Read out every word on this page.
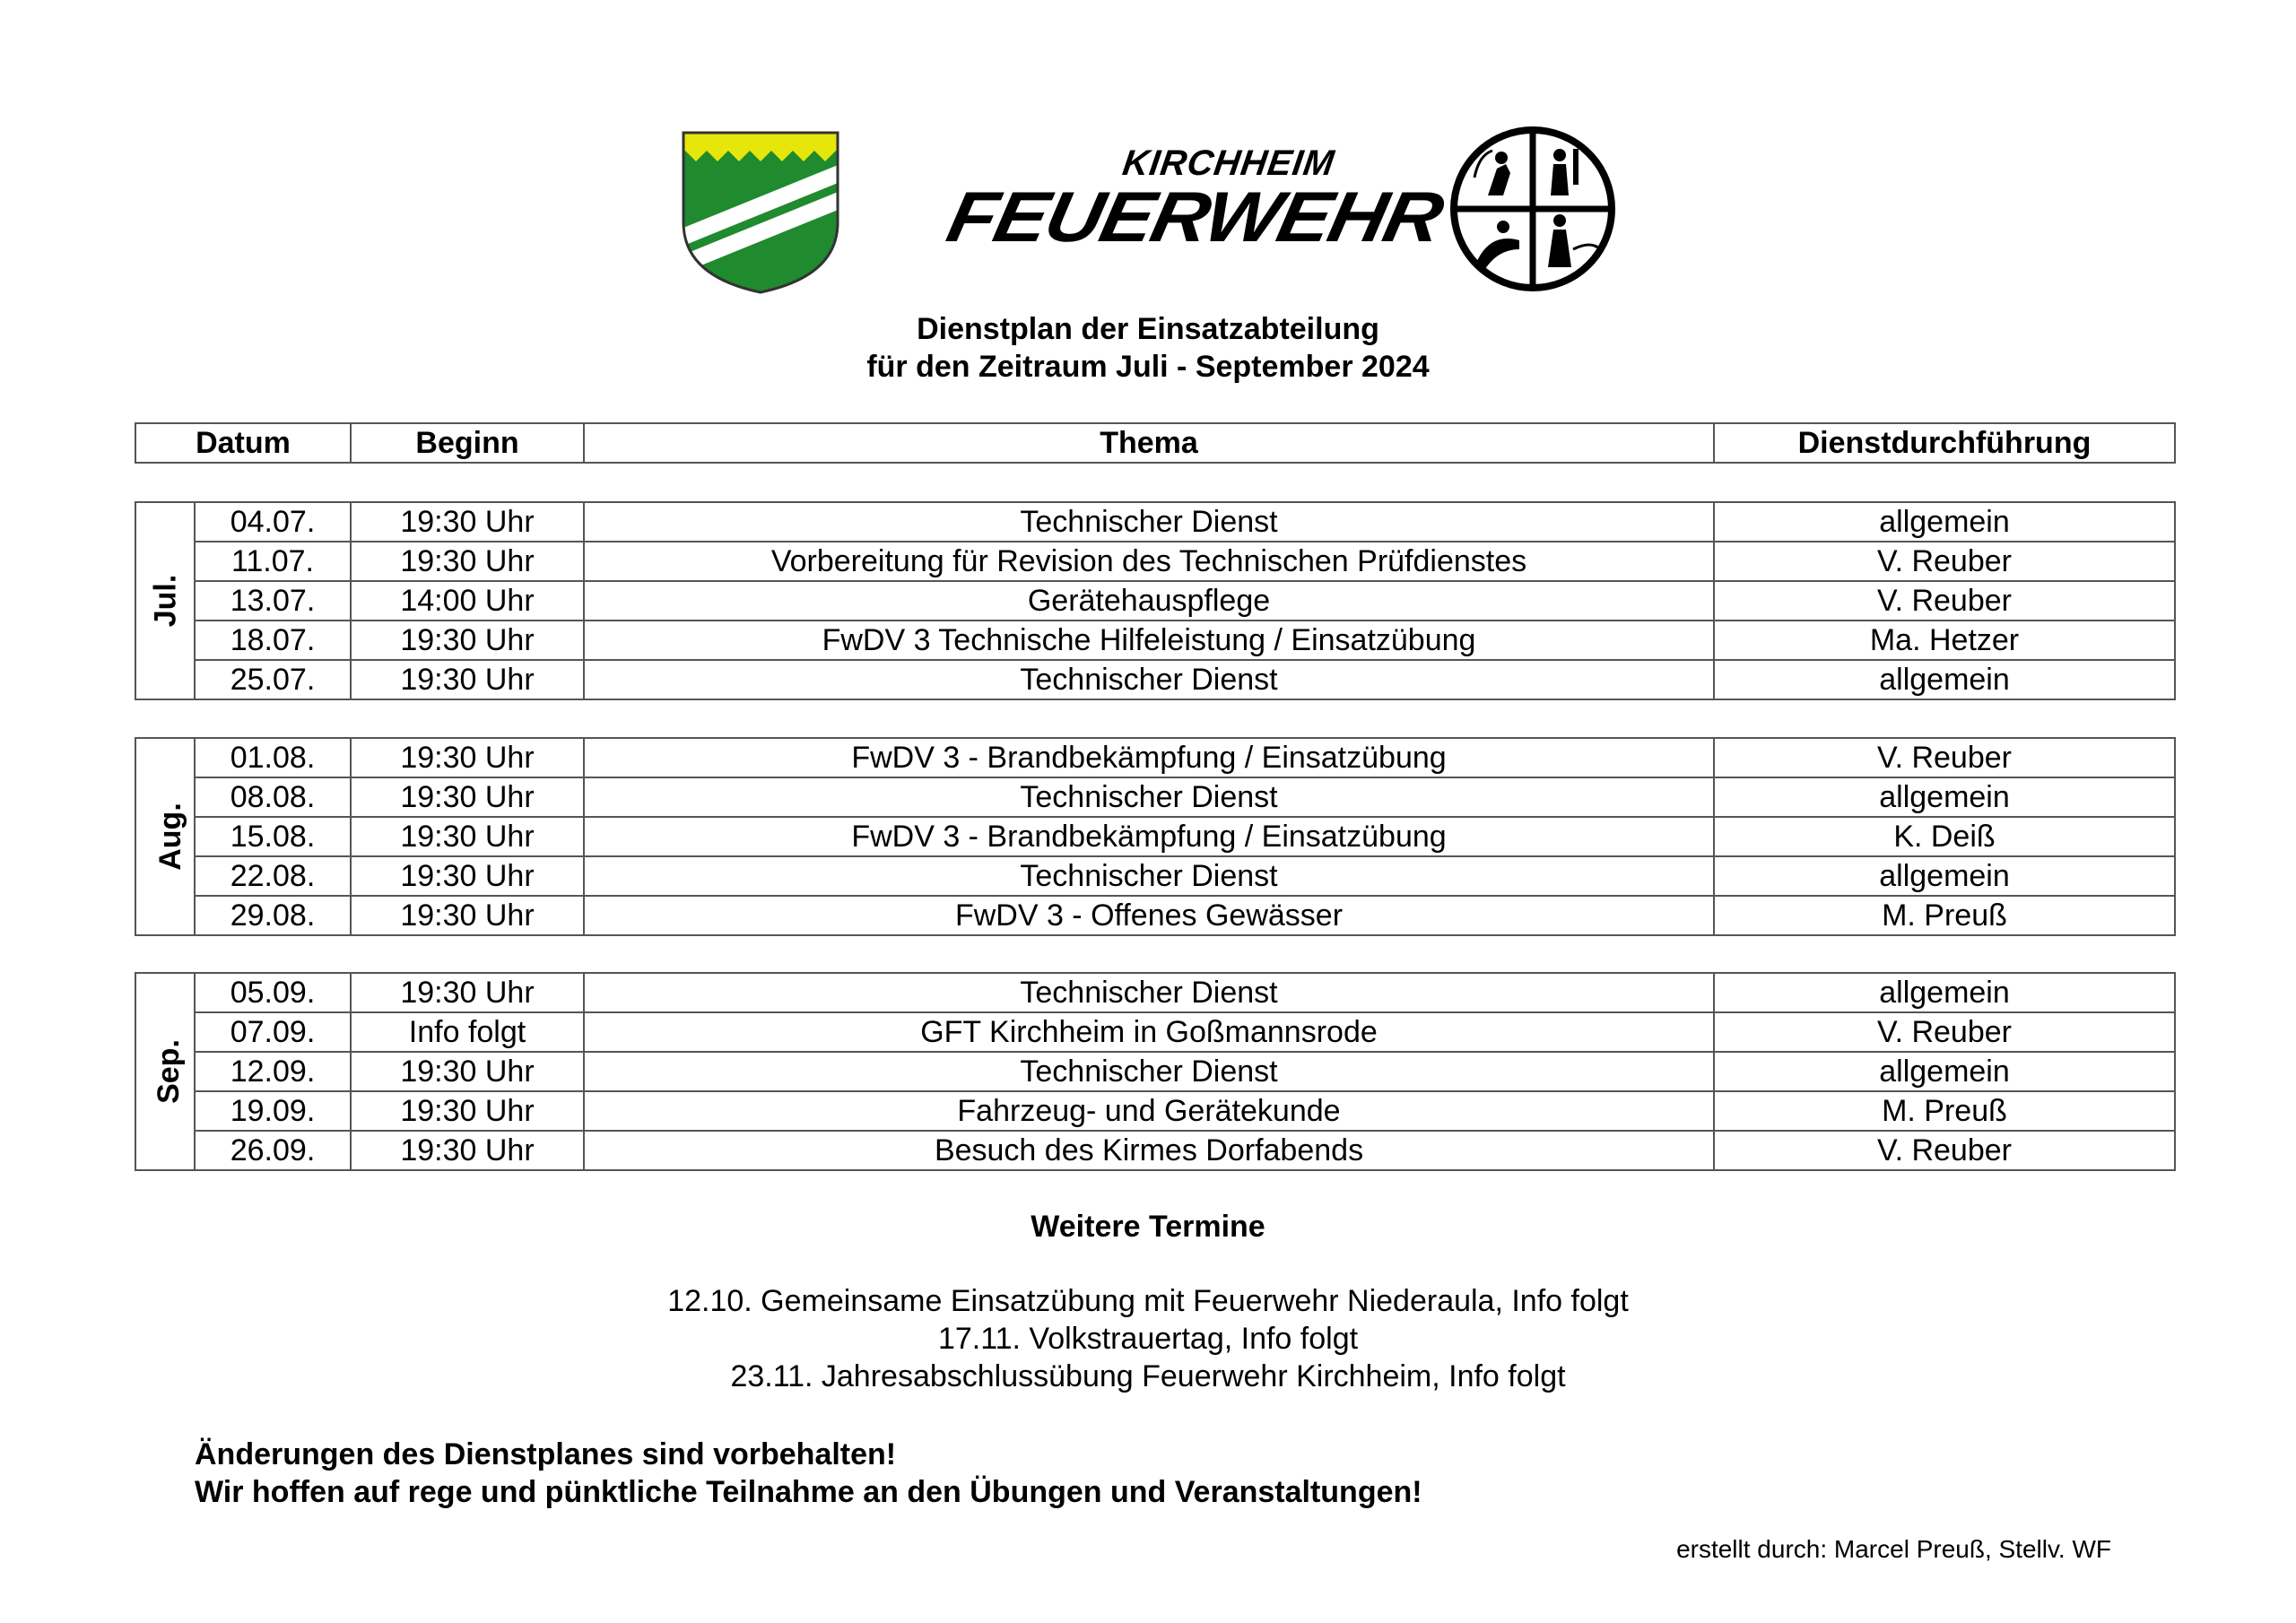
KIRCHHEIM
FEUERWEHR
Dienstplan der Einsatzabteilung
für den Zeitraum Juli - September 2024
Datum	Beginn	Thema	Dienstdurchführung
Jul.	04.07.	19:30 Uhr	Technischer Dienst	allgemein
	11.07.	19:30 Uhr	Vorbereitung für Revision des Technischen Prüfdienstes	V. Reuber
	13.07.	14:00 Uhr	Gerätehauspflege	V. Reuber
	18.07.	19:30 Uhr	FwDV 3 Technische Hilfeleistung / Einsatzübung	Ma. Hetzer
	25.07.	19:30 Uhr	Technischer Dienst	allgemein
Aug.	01.08.	19:30 Uhr	FwDV 3 - Brandbekämpfung / Einsatzübung	V. Reuber
	08.08.	19:30 Uhr	Technischer Dienst	allgemein
	15.08.	19:30 Uhr	FwDV 3 - Brandbekämpfung / Einsatzübung	K. Deiß
	22.08.	19:30 Uhr	Technischer Dienst	allgemein
	29.08.	19:30 Uhr	FwDV 3 - Offenes Gewässer	M. Preuß
Sep.	05.09.	19:30 Uhr	Technischer Dienst	allgemein
	07.09.	Info folgt	GFT Kirchheim in Goßmannsrode	V. Reuber
	12.09.	19:30 Uhr	Technischer Dienst	allgemein
	19.09.	19:30 Uhr	Fahrzeug- und Gerätekunde	M. Preuß
	26.09.	19:30 Uhr	Besuch des Kirmes Dorfabends	V. Reuber
Weitere Termine
12.10. Gemeinsame Einsatzübung mit Feuerwehr Niederaula, Info folgt
17.11. Volkstrauertag, Info folgt
23.11. Jahresabschlussübung Feuerwehr Kirchheim, Info folgt
Änderungen des Dienstplanes sind vorbehalten!
Wir hoffen auf rege und pünktliche Teilnahme an den Übungen und Veranstaltungen!
erstellt durch: Marcel Preuß, Stellv. WF
